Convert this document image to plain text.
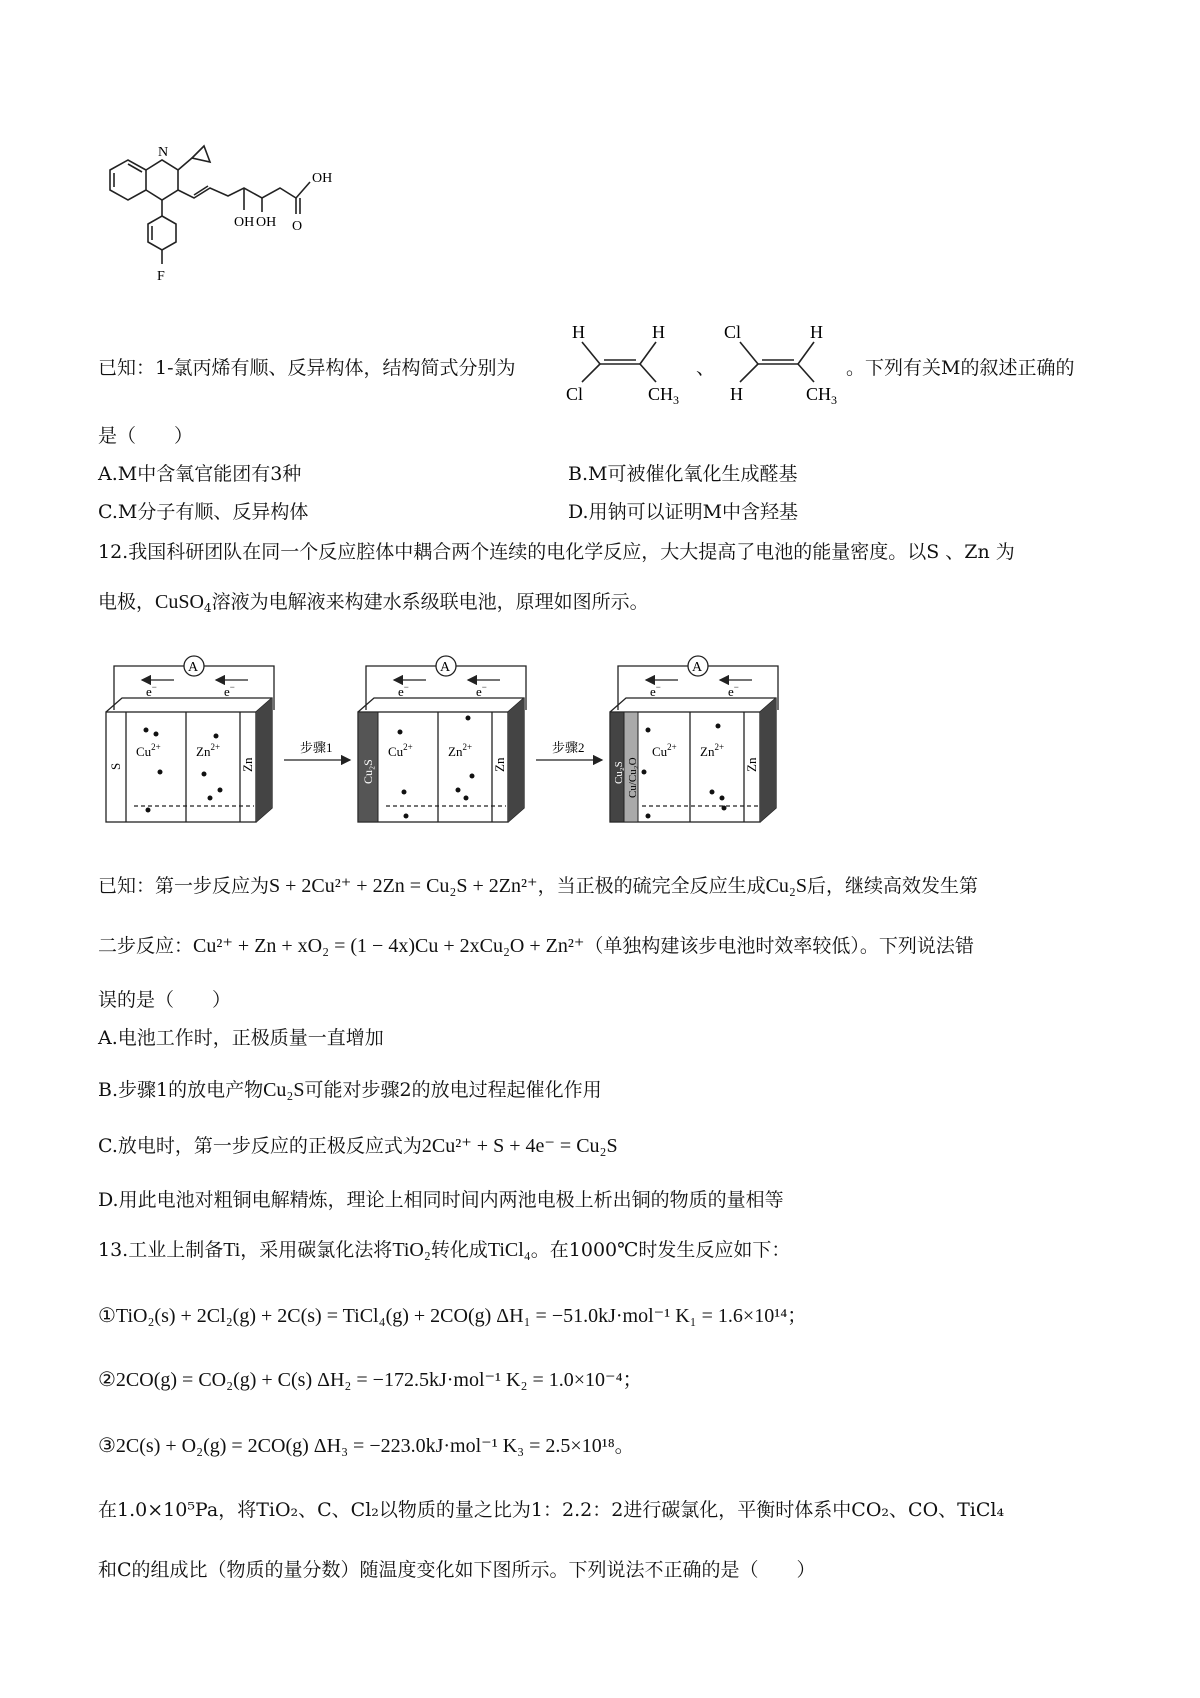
N
OH
OH OH O
F
已知：1-氯丙烯有顺、反异构体，结构简式分别为
H	H
Cl	$CH_3$
、
Cl	H
H	$CH_3$
。下列有关M的叙述正确的
是（　　）
A.M中含氧官能团有3种	B.M可被催化氧化生成醛基
C.M分子有顺、反异构体	D.用钠可以证明M中含羟基
12.我国科研团队在同一个反应腔体中耦合两个连续的电化学反应，大大提高了电池的能量密度。以S 、Zn 为
电极，CuSO$_4$溶液为电解液来构建水系级联电池，原理如图所示。
A	A	A
e−	e−	e−	e−	e−	e−
S
$Cu^{2+}$	$Zn^{2+}$
Zn
步骤1
Cu₂S
$Cu^{2+}$	$Zn^{2+}$
Zn
步骤2
Cu₂S Cu/Cu₂O
$Cu^{2+}$ $Zn^{2+}$
Zn
已知：第一步反应为S + 2Cu²⁺ + 2Zn = Cu₂S + 2Zn²⁺，当正极的硫完全反应生成Cu₂S后，继续高效发生第
二步反应：Cu²⁺ + Zn + xO₂ = (1 − 4x)Cu + 2xCu₂O + Zn²⁺（单独构建该步电池时效率较低）。下列说法错
误的是（　　）
A.电池工作时，正极质量一直增加
B.步骤1的放电产物Cu₂S可能对步骤2的放电过程起催化作用
C.放电时，第一步反应的正极反应式为2Cu²⁺ + S + 4e⁻ = Cu₂S
D.用此电池对粗铜电解精炼，理论上相同时间内两池电极上析出铜的物质的量相等
13.工业上制备Ti，采用碳氯化法将TiO₂转化成TiCl₄。在1000℃时发生反应如下：
①TiO₂(s) + 2Cl₂(g) + 2C(s) = TiCl₄(g) + 2CO(g) ΔH₁ = −51.0kJ·mol⁻¹ K₁ = 1.6×10¹⁴；
②2CO(g) = CO₂(g) + C(s) ΔH₂ = −172.5kJ·mol⁻¹ K₂ = 1.0×10⁻⁴；
③2C(s) + O₂(g) = 2CO(g) ΔH₃ = −223.0kJ·mol⁻¹ K₃ = 2.5×10¹⁸。
在1.0×10⁵Pa，将TiO₂、C、Cl₂以物质的量之比为1：2.2：2进行碳氯化，平衡时体系中CO₂、CO、TiCl₄
和C的组成比（物质的量分数）随温度变化如下图所示。下列说法不正确的是（　　）
